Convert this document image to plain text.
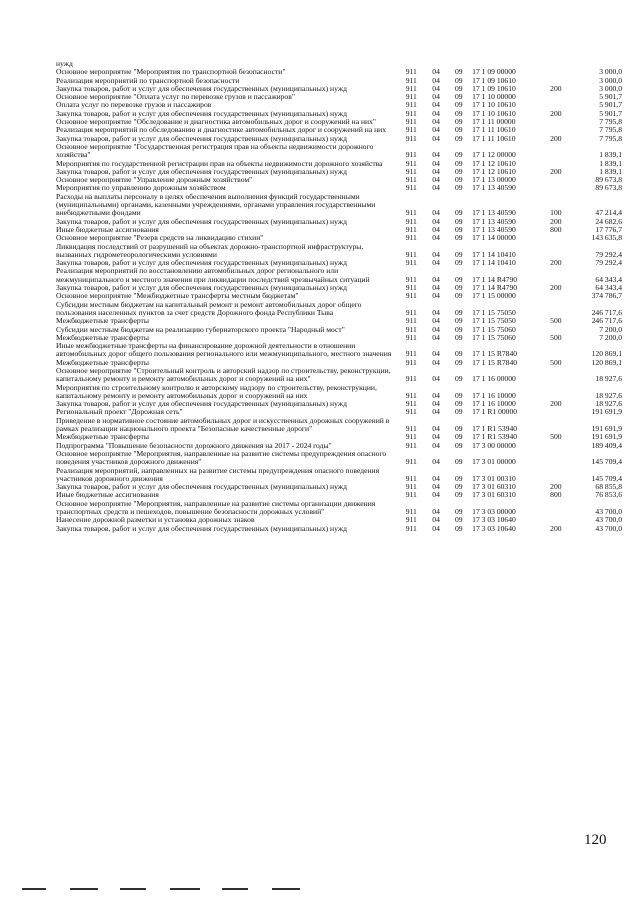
нужд						
Основное мероприятие "Мероприятия по транспортной безопасности"	911	04	09	17 1 09 00000		3 000,0
Реализация мероприятий по транспортной безопасности	911	04	09	17 1 09 10610		3 000,0
Закупка товаров, работ и услуг для обеспечения государственных (муниципальных) нужд	911	04	09	17 1 09 10610	200	3 000,0
Основное мероприятие "Оплата услуг по перевозке грузов и пассажиров"	911	04	09	17 1 10 00000		5 901,7
Оплата услуг по перевозке грузов и пассажиров	911	04	09	17 1 10 10610		5 901,7
Закупка товаров, работ и услуг для обеспечения государственных (муниципальных) нужд	911	04	09	17 1 10 10610	200	5 901,7
Основное мероприятие "Обследование и диагностика автомобильных дорог и сооружений на них"	911	04	09	17 1 11 00000		7 795,8
Реализация мероприятий по обследованию и диагностике автомобильных дорог и сооружений на них	911	04	09	17 1 11 10610		7 795,8
Закупка товаров, работ и услуг для обеспечения государственных (муниципальных) нужд	911	04	09	17 1 11 10610	200	7 795,8
Основное мероприятие "Государственная регистрация прав на объекты недвижимости дорожного хозяйства"	911	04	09	17 1 12 00000		1 839,1
Мероприятия по государственной регистрации прав на объекты недвижимости дорожного хозяйства	911	04	09	17 1 12 10610		1 839,1
Закупка товаров, работ и услуг для обеспечения государственных (муниципальных) нужд	911	04	09	17 1 12 10610	200	1 839,1
Основное мероприятие "Управление дорожным хозяйством"	911	04	09	17 1 13 00000		89 673,8
Мероприятия по управлению дорожным хозяйством	911	04	09	17 1 13 40590		89 673,8
Расходы на выплаты персоналу в целях обеспечения выполнения функций государственными (муниципальными) органами, казенными учреждениями, органами управления государственными внебюджетными фондами	911	04	09	17 1 13 40590	100	47 214,4
Закупка товаров, работ и услуг для обеспечения государственных (муниципальных) нужд	911	04	09	17 1 13 40590	200	24 682,6
Иные бюджетные ассигнования	911	04	09	17 1 13 40590	800	17 776,7
Основное мероприятие "Резерв средств на ликвидацию стихии"	911	04	09	17 1 14 00000		143 635,8
Ликвидация последствий от разрушений на объектах дорожно-транспортной инфраструктуры, вызванных гидрометеорологическими условиями	911	04	09	17 1 14 10410		79 292,4
Закупка товаров, работ и услуг для обеспечения государственных (муниципальных) нужд	911	04	09	17 1 14 10410	200	79 292,4
Реализация мероприятий по восстановлению автомобильных дорог регионального или межмуниципального и местного значения при ликвидации последствий чрезвычайных ситуаций	911	04	09	17 1 14 R4790		64 343,4
Закупка товаров, работ и услуг для обеспечения государственных (муниципальных) нужд	911	04	09	17 1 14 R4790	200	64 343,4
Основное мероприятие "Межбюджетные трансферты местным бюджетам"	911	04	09	17 1 15 00000		374 786,7
Субсидии местным бюджетам на капитальный ремонт и ремонт автомобильных дорог общего пользования населенных пунктов за счет средств Дорожного фонда Республики Тыва	911	04	09	17 1 15 75050		246 717,6
Межбюджетные трансферты	911	04	09	17 1 15 75050	500	246 717,6
Субсидии местным бюджетам на реализацию губернаторского проекта "Народный мост"	911	04	09	17 1 15 75060		7 200,0
Межбюджетные трансферты	911	04	09	17 1 15 75060	500	7 200,0
Иные межбюджетные трансферты на финансирование дорожной деятельности в отношении автомобильных дорог общего пользования регионального или межмуниципального, местного значения	911	04	09	17 1 15 R7840		120 869,1
Межбюджетные трансферты	911	04	09	17 1 15 R7840	500	120 869,1
Основное мероприятие "Строительный контроль и авторский надзор по строительству, реконструкции, капитальному ремонту и ремонту автомобильных дорог и сооружений на них"	911	04	09	17 1 16 00000		18 927,6
Мероприятия по строительному контролю и авторскому надзору по строительству, реконструкции, капитальному ремонту и ремонту автомобильных дорог и сооружений на них	911	04	09	17 1 16 10000		18 927,6
Закупка товаров, работ и услуг для обеспечения государственных (муниципальных) нужд	911	04	09	17 1 16 10000	200	18 927,6
Региональный проект "Дорожная сеть"	911	04	09	17 1 R1 00000		191 691,9
Приведение в нормативное состояние автомобильных дорог и искусственных дорожных сооружений в рамках реализации национального проекта "Безопасные качественные дороги"	911	04	09	17 1 R1 53940		191 691,9
Межбюджетные трансферты	911	04	09	17 1 R1 53940	500	191 691,9
Подпрограмма "Повышение безопасности дорожного движения на 2017 - 2024 годы"	911	04	09	17 3 00 00000		189 409,4
Основное мероприятие "Мероприятия, направленные на развитие системы предупреждения опасного поведения участников дорожного движения"	911	04	09	17 3 01 00000		145 709,4
Реализация мероприятий, направленных на развитие системы предупреждения опасного поведения участников дорожного движения	911	04	09	17 3 01 00310		145 709,4
Закупка товаров, работ и услуг для обеспечения государственных (муниципальных) нужд	911	04	09	17 3 01 60310	200	68 855,8
Иные бюджетные ассигнования	911	04	09	17 3 01 60310	800	76 853,6
Основное мероприятие "Мероприятия, направленные на развитие системы организации движения транспортных средств и пешеходов, повышение безопасности дорожных условий"	911	04	09	17 3 03 00000		43 700,0
Нанесение дорожной разметки и установка дорожных знаков	911	04	09	17 3 03 10640		43 700,0
Закупка товаров, работ и услуг для обеспечения государственных (муниципальных) нужд	911	04	09	17 3 03 10640	200	43 700,0
120
